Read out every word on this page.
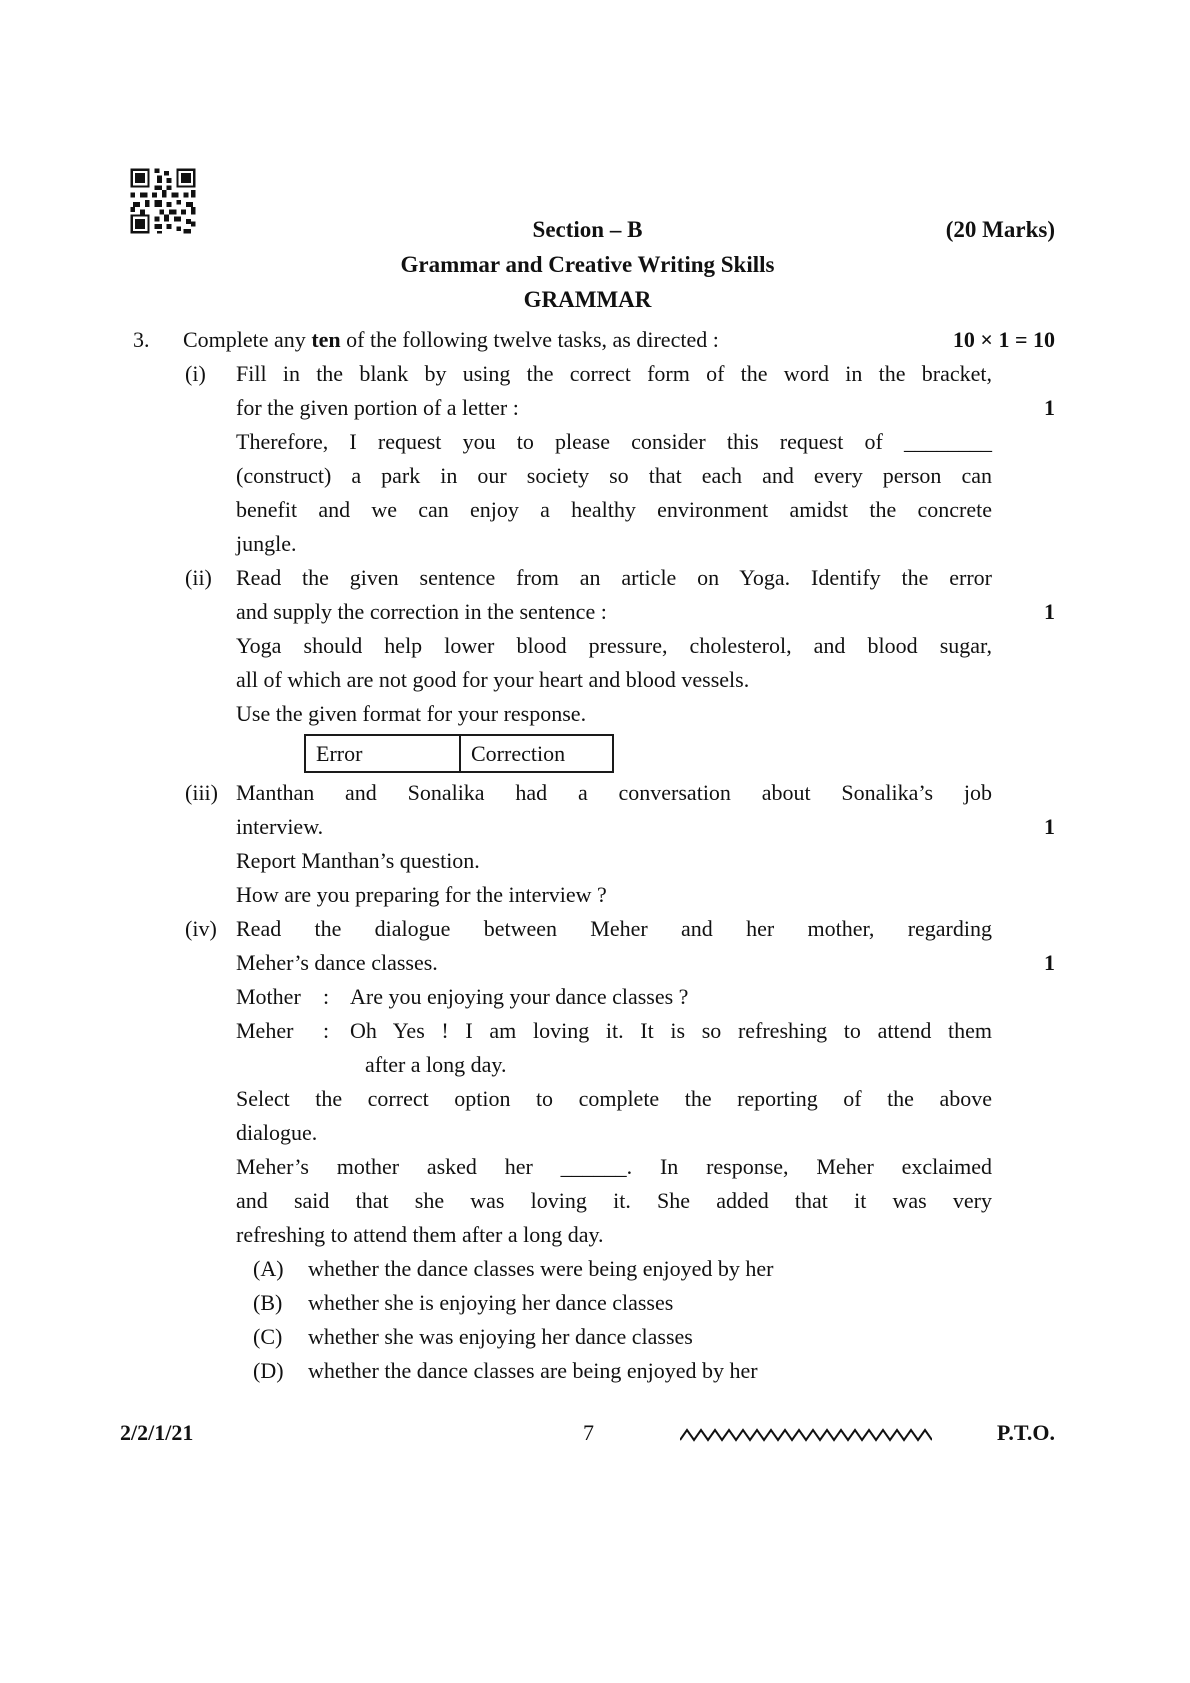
Section – B	(20 Marks)
Grammar and Creative Writing Skills
GRAMMAR
3.	Complete any ten of the following twelve tasks, as directed :	10 × 1 = 10
(i)	Fill in the blank by using the correct form of the word in the bracket,
for the given portion of a letter :	1
Therefore, I request you to please consider this request of ________
(construct) a park in our society so that each and every person can
benefit and we can enjoy a healthy environment amidst the concrete
jungle.
(ii)	Read the given sentence from an article on Yoga. Identify the error
and supply the correction in the sentence :	1
Yoga should help lower blood pressure, cholesterol, and blood sugar,
all of which are not good for your heart and blood vessels.
Use the given format for your response.
Error	Correction
(iii) Manthan and Sonalika had a conversation about Sonalika’s job
interview.	1
Report Manthan’s question.
How are you preparing for the interview ?
(iv) Read the dialogue between Meher and her mother, regarding
Meher’s dance classes.	1
Mother	: Are you enjoying your dance classes ?
Meher	: Oh Yes ! I am loving it. It is so refreshing to attend them
after a long day.
Select the correct option to complete the reporting of the above
dialogue.
Meher’s mother asked her ______. In response, Meher exclaimed
and said that she was loving it. She added that it was very
refreshing to attend them after a long day.
(A)	whether the dance classes were being enjoyed by her
(B)	whether she is enjoying her dance classes
(C)	whether she was enjoying her dance classes
(D)	whether the dance classes are being enjoyed by her
2/2/1/21	7	P.T.O.
